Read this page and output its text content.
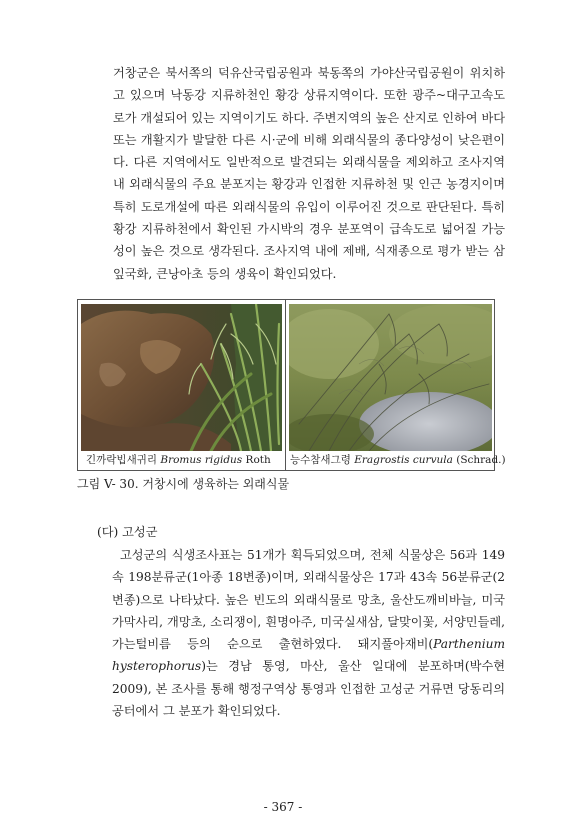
거창군은 북서쪽의 덕유산국립공원과 북동쪽의 가야산국립공원이 위치하고 있으며 낙동강 지류하천인 황강 상류지역이다. 또한 광주~대구고속도로가 개설되어 있는 지역이기도 하다. 주변지역의 높은 산지로 인하여 바다 또는 개활지가 발달한 다른 시·군에 비해 외래식물의 종다양성이 낮은편이다. 다른 지역에서도 일반적으로 발견되는 외래식물을 제외하고 조사지역 내 외래식물의 주요 분포지는 황강과 인접한 지류하천 및 인근 농경지이며 특히 도로개설에 따른 외래식물의 유입이 이루어진 것으로 판단된다. 특히 황강 지류하천에서 확인된 가시박의 경우 분포역이 급속도로 넓어질 가능성이 높은 것으로 생각된다. 조사지역 내에 제배, 식재종으로 평가 받는 삼잎국화, 큰낭아초 등의 생육이 확인되었다.

긴까락빕새귀리 Bromus rigidus Roth 능수참새그령 Eragrostis curvula (Schrad.)
그림 V- 30. 거창시에 생육하는 외래식물
(다) 고성군

고성군의 식생조사표는 51개가 획득되었으며, 전체 식물상은 56과 149속 198분류군(1아종 18변종)이며, 외래식물상은 17과 43속 56분류군(2변종)으로 나타났다. 높은 빈도의 외래식물로 망초, 울산도깨비바늘, 미국가막사리, 개망초, 소리쟁이, 흰명아주, 미국실새삼, 달맞이꽃, 서양민들레, 가는털비름 등의 순으로 출현하였다. 돼지풀아재비(Parthenium hysterophorus)는 경남 통영, 마산, 울산 일대에 분포하며(박수현 2009), 본 조사를 통해 행정구역상 통영과 인접한 고성군 거류면 당동리의 공터에서 그 분포가 확인되었다.

- 367 -
